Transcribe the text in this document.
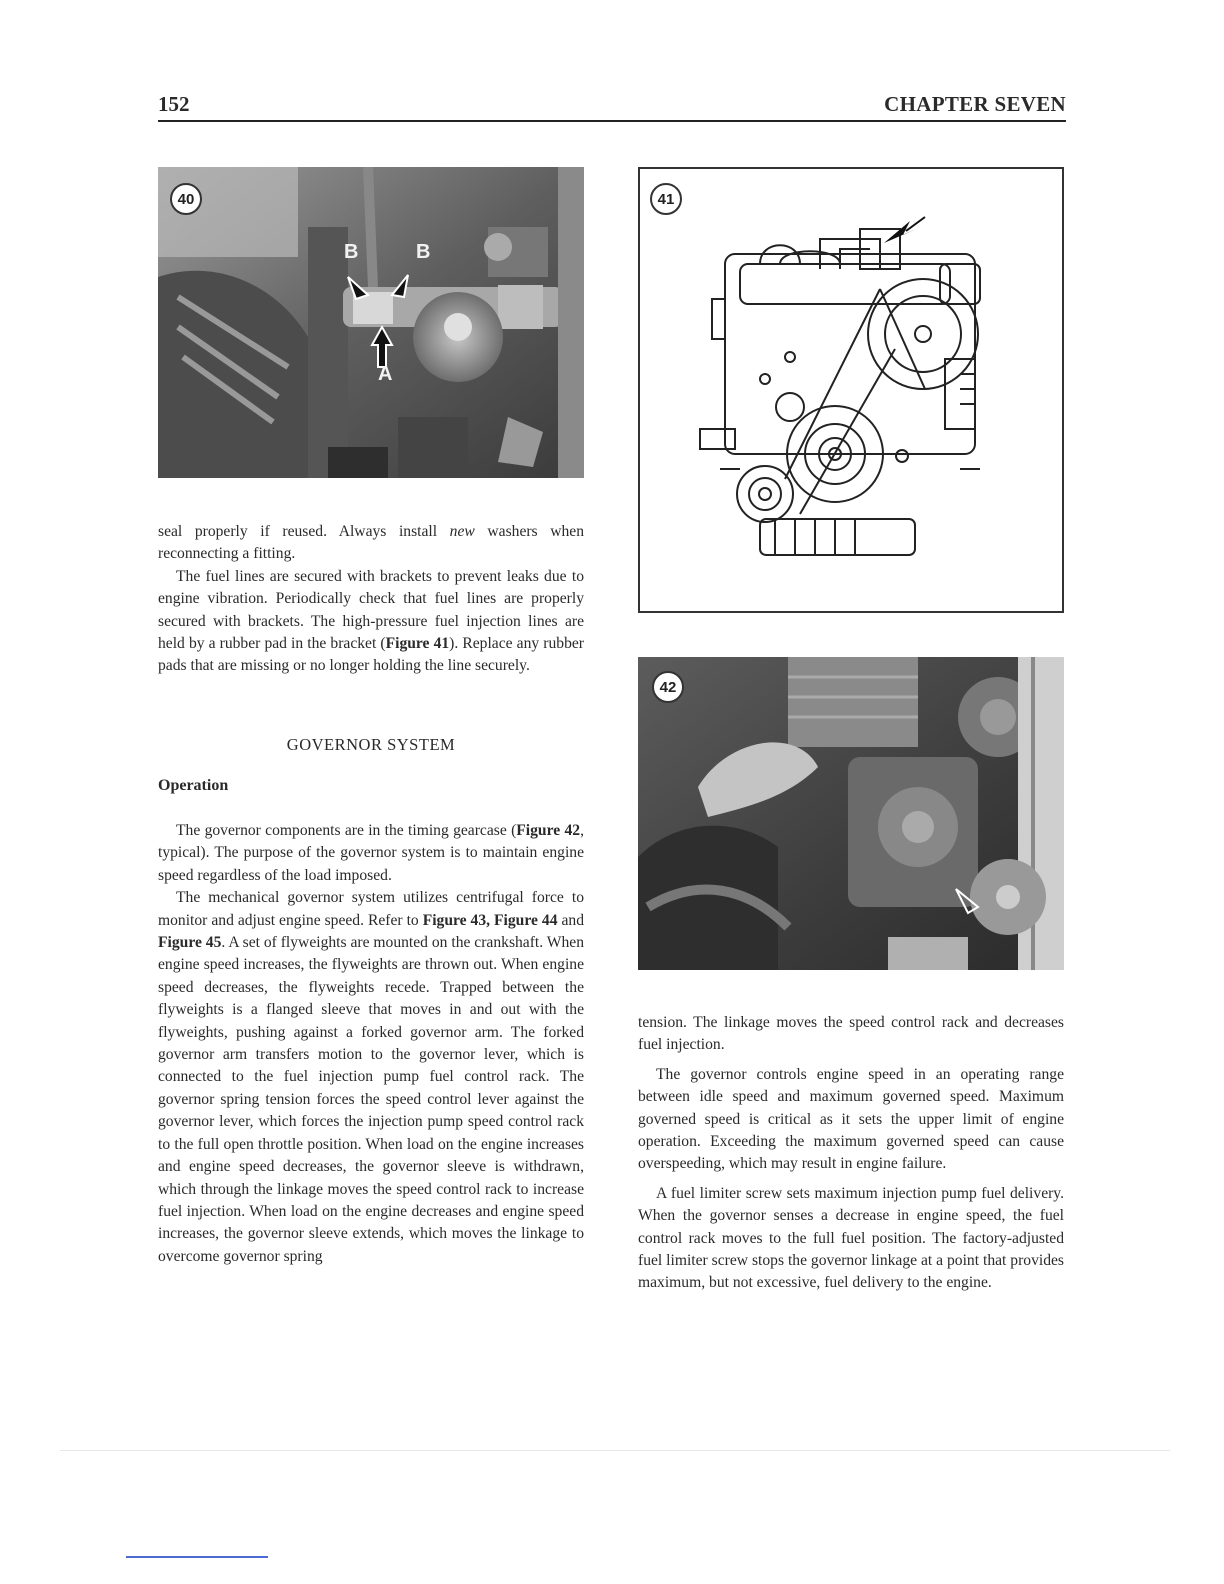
152	CHAPTER SEVEN
40
B	B
A
41
42

seal properly if reused. Always install new washers when reconnecting a fitting.

The fuel lines are secured with brackets to prevent leaks due to engine vibration. Periodically check that fuel lines are properly secured with brackets. The high-pressure fuel injection lines are held by a rubber pad in the bracket (Figure 41). Replace any rubber pads that are missing or no longer holding the line securely.

GOVERNOR SYSTEM
Operation

The governor components are in the timing gearcase (Figure 42, typical). The purpose of the governor system is to maintain engine speed regardless of the load imposed.

The mechanical governor system utilizes centrifugal force to monitor and adjust engine speed. Refer to Figure 43, Figure 44 and Figure 45. A set of flyweights are mounted on the crankshaft. When engine speed increases, the flyweights are thrown out. When engine speed decreases, the flyweights recede. Trapped between the flyweights is a flanged sleeve that moves in and out with the flyweights, pushing against a forked governor arm. The forked governor arm transfers motion to the governor lever, which is connected to the fuel injection pump fuel control rack. The governor spring tension forces the speed control lever against the governor lever, which forces the injection pump speed control rack to the full open throttle position. When load on the engine increases and engine speed decreases, the governor sleeve is withdrawn, which through the linkage moves the speed control rack to increase fuel injection. When load on the engine decreases and engine speed increases, the governor sleeve extends, which moves the linkage to overcome governor spring

tension. The linkage moves the speed control rack and decreases fuel injection.

The governor controls engine speed in an operating range between idle speed and maximum governed speed. Maximum governed speed is critical as it sets the upper limit of engine operation. Exceeding the maximum governed speed can cause overspeeding, which may result in engine failure.

A fuel limiter screw sets maximum injection pump fuel delivery. When the governor senses a decrease in engine speed, the fuel control rack moves to the full fuel position. The factory-adjusted fuel limiter screw stops the governor linkage at a point that provides maximum, but not excessive, fuel delivery to the engine.
